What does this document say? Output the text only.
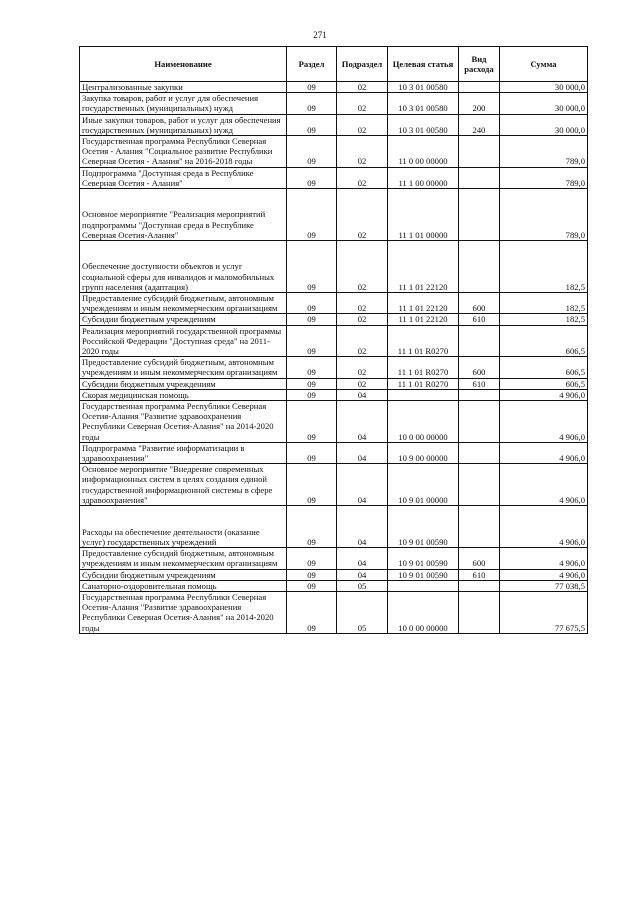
271
Наименование	Раздел	Подраздел	Целевая статья	Вид расхода	Сумма
Централизованные закупки	09	02	10 3 01 00580		30 000,0
Закупка товаров, работ и услуг для обеспечения государственных (муниципальных) нужд	09	02	10 3 01 00580	200	30 000,0
Иные закупки товаров, работ и услуг для обеспечения государственных (муниципальных) нужд	09	02	10 3 01 00580	240	30 000,0
Государственная программа Республики Северная Осетия - Алания "Социальное развитие Республики Северная Осетия - Алания" на 2016-2018 годы	09	02	11 0 00 00000		789,0
Подпрограмма "Доступная среда в Республике Северная Осетия - Алания"	09	02	11 1 00 00000		789,0
Основное мероприятие "Реализация мероприятий подпрограммы "Доступная среда в Республике Северная Осетия-Алания"	09	02	11 1 01 00000		789,0
Обеспечение доступности объектов и услуг социальной сферы для инвалидов и маломобильных групп населения (адаптация)	09	02	11 1 01 22120		182,5
Предоставление субсидий бюджетным, автономным учреждениям и иным некоммерческим организациям	09	02	11 1 01 22120	600	182,5
Субсидии бюджетным учреждениям	09	02	11 1 01 22120	610	182,5
Реализация мероприятий государственной программы Российской Федерации "Доступная среда" на 2011-2020 годы	09	02	11 1 01 R0270		606,5
Предоставление субсидий бюджетным, автономным учреждениям и иным некоммерческим организациям	09	02	11 1 01 R0270	600	606,5
Субсидии бюджетным учреждениям	09	02	11 1 01 R0270	610	606,5
Скорая медицинская помощь	09	04			4 906,0
Государственная программа Республики Северная Осетия-Алания "Развитие здравоохранения Республики Северная Осетия-Алания" на 2014-2020 годы	09	04	10 0 00 00000		4 906,0
Подпрограмма "Развитие информатизации в здравоохранении"	09	04	10 9 00 00000		4 906,0
Основное мероприятие "Внедрение современных информационных систем в целях создания единой государственной информационной системы в сфере здравоохранения"	09	04	10 9 01 00000		4 906,0
Расходы на обеспечение деятельности (оказание услуг) государственных учреждений	09	04	10 9 01 00590		4 906,0
Предоставление субсидий бюджетным, автономным учреждениям и иным некоммерческим организациям	09	04	10 9 01 00590	600	4 906,0
Субсидии бюджетным учреждениям	09	04	10 9 01 00590	610	4 906,0
Санаторно-оздоровительная помощь	09	05			77 038,5
Государственная программа Республики Северная Осетия-Алания "Развитие здравоохранения Республики Северная Осетия-Алания" на 2014-2020 годы	09	05	10 0 00 00000		77 675,5
